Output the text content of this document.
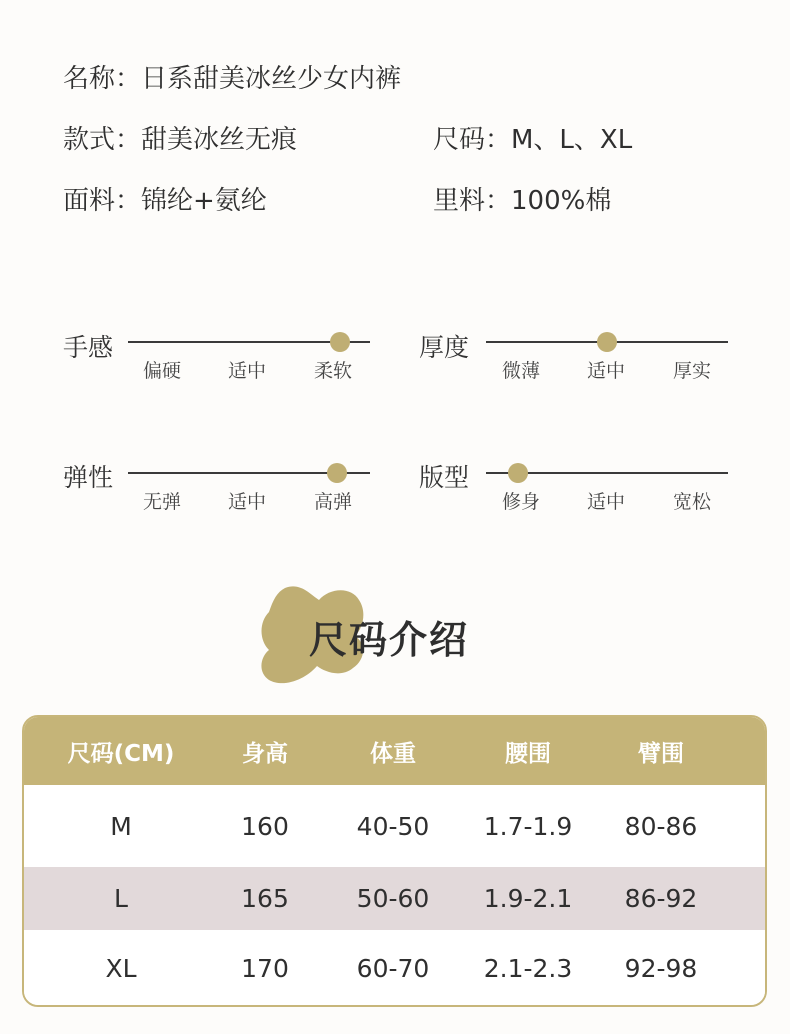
名称：日系甜美冰丝少女内裤
款式：甜美冰丝无痕	尺码：M、L、XL
面料：锦纶+氨纶	里料：100%棉
手感
偏硬 适中	柔软
厚度
微薄 适中	厚实
弹性
无弹 适中	高弹
版型
修身 适中	宽松
尺码介绍
尺码(CM)	身高	体重	腰围	臂围
M	160	40-50 1.7-1.9 80-86
L	165	50-60 1.9-2.1 86-92
XL	170	60-70 2.1-2.3 92-98
